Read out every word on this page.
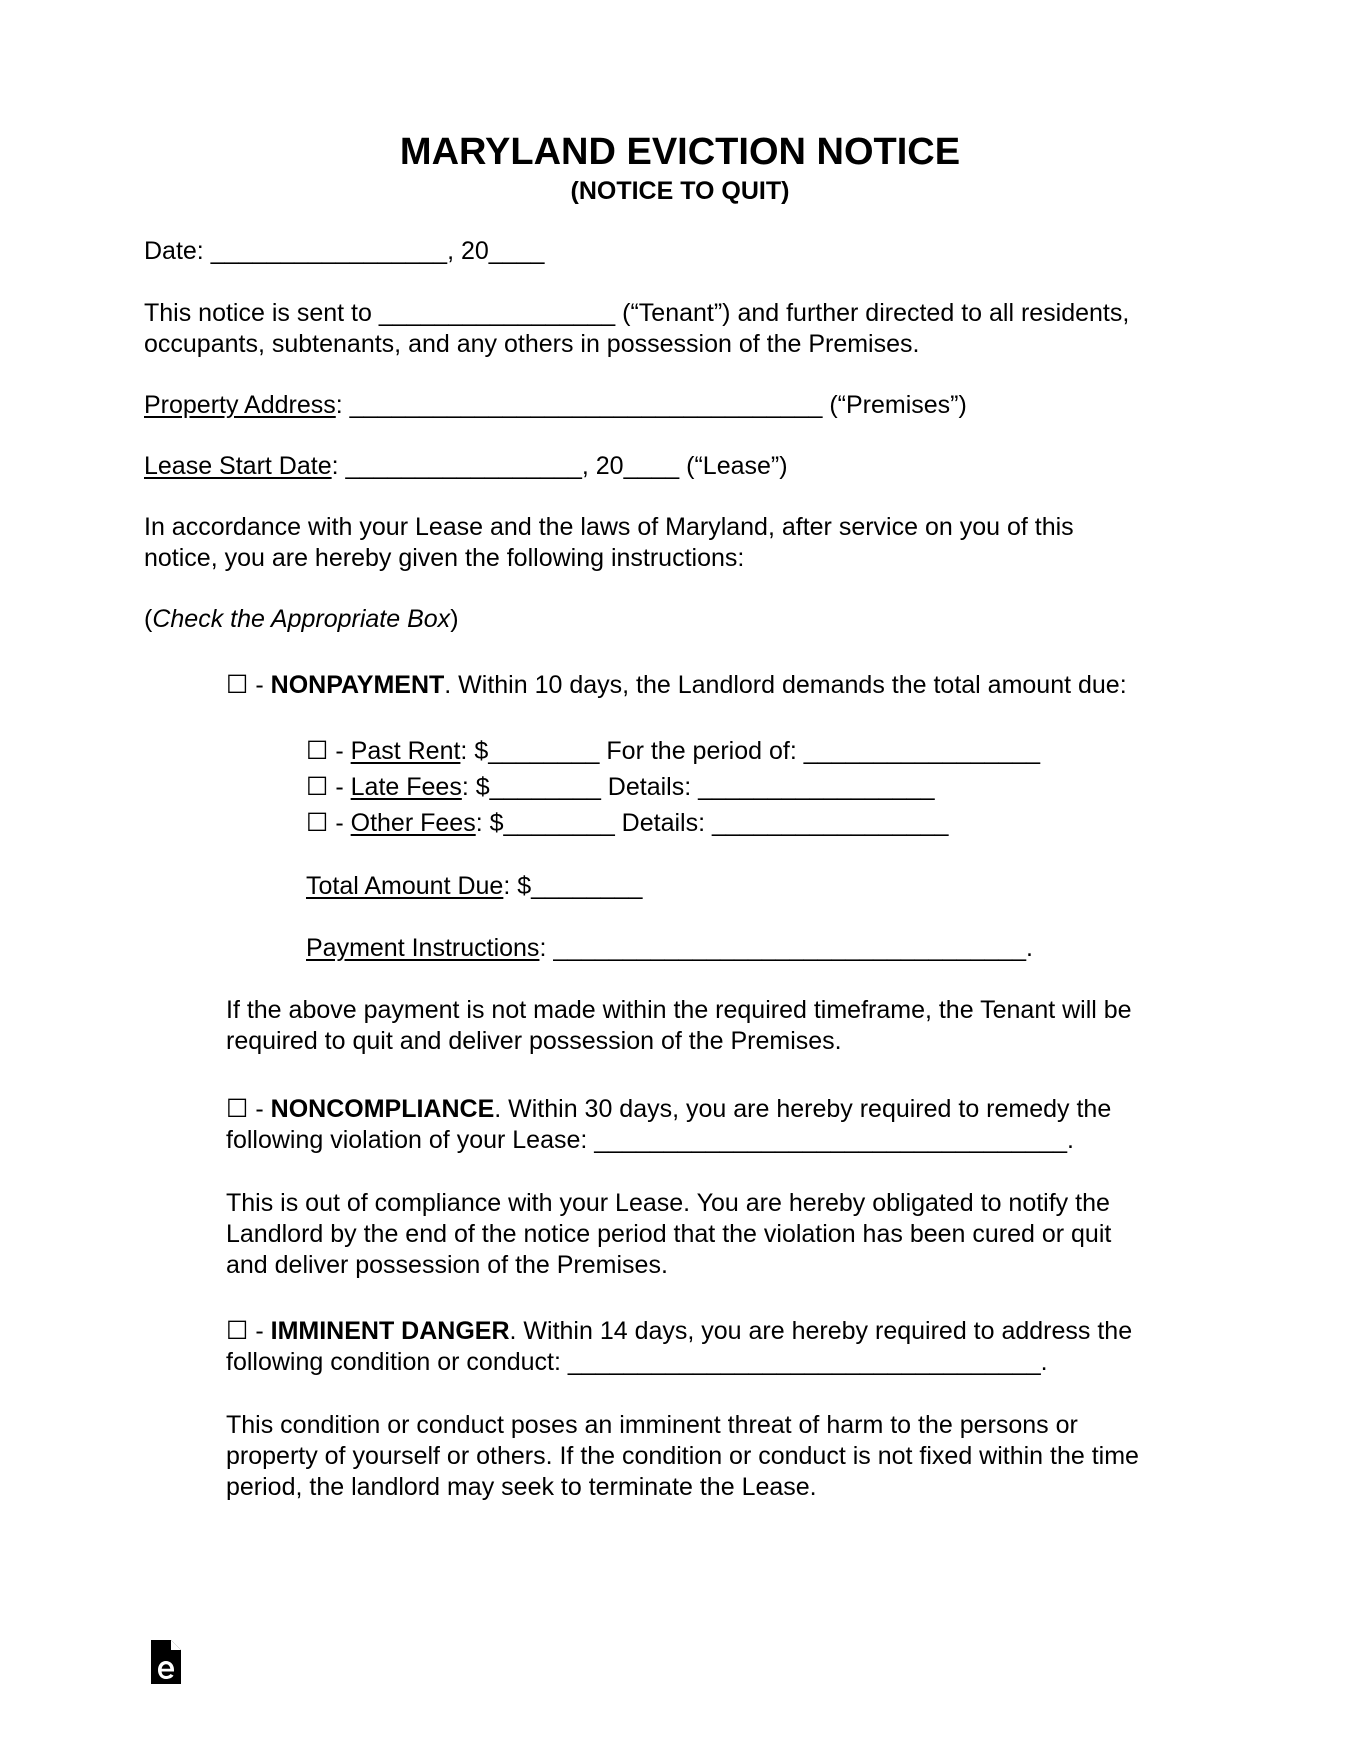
MARYLAND EVICTION NOTICE
(NOTICE TO QUIT)
Date: _________________, 20____
This notice is sent to _________________ (“Tenant”) and further directed to all residents,
occupants, subtenants, and any others in possession of the Premises.
Property Address: __________________________________ (“Premises”)
Lease Start Date: _________________, 20____ (“Lease”)
In accordance with your Lease and the laws of Maryland, after service on you of this
notice, you are hereby given the following instructions:
(Check the Appropriate Box)
☐ - NONPAYMENT. Within 10 days, the Landlord demands the total amount due:
☐ - Past Rent: $________ For the period of: _________________
☐ - Late Fees: $________ Details: _________________
☐ - Other Fees: $________ Details: _________________
Total Amount Due: $________
Payment Instructions: __________________________________.
If the above payment is not made within the required timeframe, the Tenant will be
required to quit and deliver possession of the Premises.
☐ - NONCOMPLIANCE. Within 30 days, you are hereby required to remedy the
following violation of your Lease: __________________________________.
This is out of compliance with your Lease. You are hereby obligated to notify the
Landlord by the end of the notice period that the violation has been cured or quit
and deliver possession of the Premises.
☐ - IMMINENT DANGER. Within 14 days, you are hereby required to address the
following condition or conduct: __________________________________.
This condition or conduct poses an imminent threat of harm to the persons or
property of yourself or others. If the condition or conduct is not fixed within the time
period, the landlord may seek to terminate the Lease.
